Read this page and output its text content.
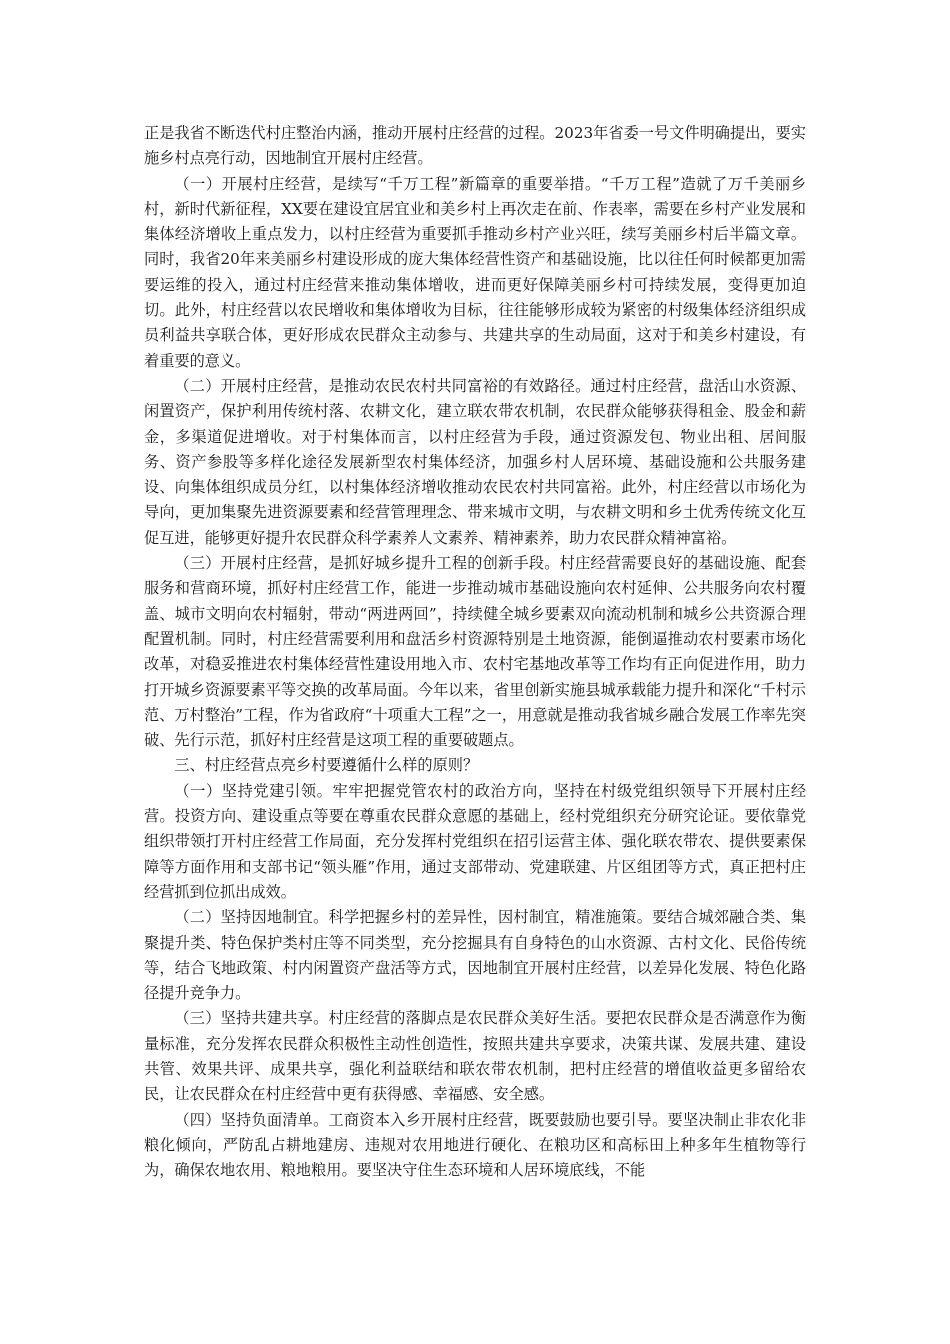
正是我省不断迭代村庄整治内涵，推动开展村庄经营的过程。2023年省委一号文件明确提出，要实施乡村点亮行动，因地制宜开展村庄经营。

（一）开展村庄经营，是续写“千万工程”新篇章的重要举措。“千万工程”造就了万千美丽乡村，新时代新征程，XX要在建设宜居宜业和美乡村上再次走在前、作表率，需要在乡村产业发展和集体经济增收上重点发力，以村庄经营为重要抓手推动乡村产业兴旺，续写美丽乡村后半篇文章。同时，我省20年来美丽乡村建设形成的庞大集体经营性资产和基础设施，比以往任何时候都更加需要运维的投入，通过村庄经营来推动集体增收，进而更好保障美丽乡村可持续发展，变得更加迫切。此外，村庄经营以农民增收和集体增收为目标，往往能够形成较为紧密的村级集体经济组织成员利益共享联合体，更好形成农民群众主动参与、共建共享的生动局面，这对于和美乡村建设，有着重要的意义。

（二）开展村庄经营，是推动农民农村共同富裕的有效路径。通过村庄经营，盘活山水资源、闲置资产，保护利用传统村落、农耕文化，建立联农带农机制，农民群众能够获得租金、股金和薪金，多渠道促进增收。对于村集体而言，以村庄经营为手段，通过资源发包、物业出租、居间服务、资产参股等多样化途径发展新型农村集体经济，加强乡村人居环境、基础设施和公共服务建设、向集体组织成员分红，以村集体经济增收推动农民农村共同富裕。此外，村庄经营以市场化为导向，更加集聚先进资源要素和经营管理理念、带来城市文明，与农耕文明和乡土优秀传统文化互促互进，能够更好提升农民群众科学素养人文素养、精神素养，助力农民群众精神富裕。

（三）开展村庄经营，是抓好城乡提升工程的创新手段。村庄经营需要良好的基础设施、配套服务和营商环境，抓好村庄经营工作，能进一步推动城市基础设施向农村延伸、公共服务向农村覆盖、城市文明向农村辐射，带动“两进两回”，持续健全城乡要素双向流动机制和城乡公共资源合理配置机制。同时，村庄经营需要利用和盘活乡村资源特别是土地资源，能倒逼推动农村要素市场化改革，对稳妥推进农村集体经营性建设用地入市、农村宅基地改革等工作均有正向促进作用，助力打开城乡资源要素平等交换的改革局面。今年以来，省里创新实施县城承载能力提升和深化“千村示范、万村整治”工程，作为省政府“十项重大工程”之一，用意就是推动我省城乡融合发展工作率先突破、先行示范，抓好村庄经营是这项工程的重要破题点。

三、村庄经营点亮乡村要遵循什么样的原则？

（一）坚持党建引领。牢牢把握党管农村的政治方向，坚持在村级党组织领导下开展村庄经营。投资方向、建设重点等要在尊重农民群众意愿的基础上，经村党组织充分研究论证。要依靠党组织带领打开村庄经营工作局面，充分发挥村党组织在招引运营主体、强化联农带农、提供要素保障等方面作用和支部书记“领头雁”作用，通过支部带动、党建联建、片区组团等方式，真正把村庄经营抓到位抓出成效。

（二）坚持因地制宜。科学把握乡村的差异性，因村制宜，精准施策。要结合城郊融合类、集聚提升类、特色保护类村庄等不同类型，充分挖掘具有自身特色的山水资源、古村文化、民俗传统等，结合飞地政策、村内闲置资产盘活等方式，因地制宜开展村庄经营，以差异化发展、特色化路径提升竞争力。

（三）坚持共建共享。村庄经营的落脚点是农民群众美好生活。要把农民群众是否满意作为衡量标准，充分发挥农民群众积极性主动性创造性，按照共建共享要求，决策共谋、发展共建、建设共管、效果共评、成果共享，强化利益联结和联农带农机制，把村庄经营的增值收益更多留给农民，让农民群众在村庄经营中更有获得感、幸福感、安全感。

（四）坚持负面清单。工商资本入乡开展村庄经营，既要鼓励也要引导。要坚决制止非农化非粮化倾向，严防乱占耕地建房、违规对农用地进行硬化、在粮功区和高标田上种多年生植物等行为，确保农地农用、粮地粮用。要坚决守住生态环境和人居环境底线，不能
